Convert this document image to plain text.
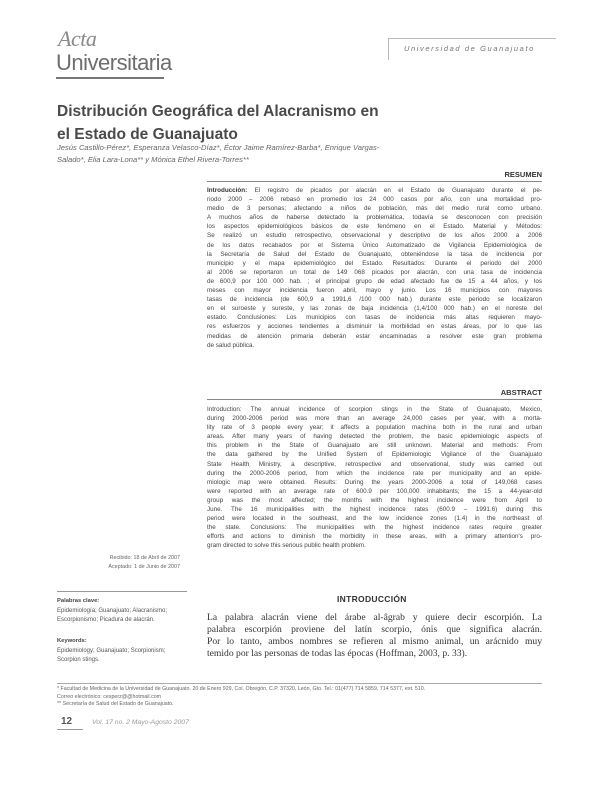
Acta
Universitaria
Universidad de Guanajuato
Distribución Geográfica del Alacranismo en
el Estado de Guanajuato
Jesús Castillo-Pérez*, Esperanza Velasco-Díaz*, Éctor Jaime Ramírez-Barba*, Enrique Vargas-
Salado*, Elia Lara-Lona** y Mónica Ethel Rivera-Torres**
RESUMEN
Introducción: El registro de picados por alacrán en el Estado de Guanajuato durante el pe-
riodo 2000 – 2006 rebasó en promedio los 24 000 casos por año, con una mortalidad pro-
medio de 3 personas; afectando a niños de población, más del medio rural como urbano.
A muchos años de haberse detectado la problemática, todavía se desconocen con precisión
los aspectos epidemiológicos básicos de este fenómeno en el Estado. Material y Métodos:
Se realizó un estudio retrospectivo, observacional y descriptivo de los años 2000 a 2006
de los datos recabados por el Sistema Único Automatizado de Vigilancia Epidemiológica de
la Secretaría de Salud del Estado de Guanajuato, obteniéndose la tasa de incidencia por
municipio y el mapa epidemiológico del Estado. Resultados: Durante el periodo del 2000
al 2006 se reportaron un total de 149 068 picados por alacrán, con una tasa de incidencia
de 600,9 por 100 000 hab. ; el principal grupo de edad afectado fue de 15 a 44 años, y los
meses con mayor incidencia fueron abril, mayo y junio. Los 16 municipios con mayores
tasas de incidencia (de 600,9 a 1991,6 /100 000 hab.) durante este periodo se localizaron
en el suroeste y sureste, y las zonas de baja incidencia (1,4/100 000 hab.) en el noreste del
estado. Conclusiones: Los municipios con tasas de incidencia más altas requieren mayo-
res esfuerzos y acciones tendientes a disminuir la morbilidad en estas áreas, por lo que las
medidas de atención primaria deberán estar encaminadas a resolver este gran problema
de salud pública.
ABSTRACT
Introduction: The annual incidence of scorpion stings in the State of Guanajuato, Mexico,
during 2000-2006 period was more than an average 24,000 cases per year, with a morta-
lity rate of 3 people every year; it affects a population machina both in the rural and urban
areas. After many years of having detected the problem, the basic epidemiologic aspects of
this problem in the State of Guanajuato are still unknown. Material and methods: From
the data gathered by the Unified System of Epidemiologic Vigilance of the Guanajuato
State Health Ministry, a descriptive, retrospective and observational, study was carried out
during the 2000-2006 period, from which the incidence rate per municipality and an epide-
miologic map were obtained. Results: During the years 2000-2006 a total of 149,068 cases
were reported with an average rate of 600.9 per 100,000 inhabitants; the 15 a 44-year-old
group was the most affected; the months with the highest incidence were from April to
June. The 16 municipalities with the highest incidence rates (600.9 – 1991.6) during this
period were located in the southeast, and the low incidence zones (1.4) in the northeast of
the state. Conclusions: The municipalities with the highest incidence rates require greater
efforts and actions to diminish the morbidity in these areas, with a primary attention's pro-
gram directed to solve this serious public health problem.
Recibido: 18 de Abril de 2007
Aceptado: 1 de Junio de 2007
Palabras clave:
Epidemiología; Guanajuato; Alacranismo;
Escorpionismo; Picadura de alacrán.
Keywords:
Epidemiology; Guanajuato; Scorpionism;
Scorpion stings.
INTRODUCCIÓN
La palabra alacrán viene del árabe al-âgrab y quiere decir escorpión. La
palabra escorpión proviene del latín scorpio, ónis que significa alacrán.
Por lo tanto, ambos nombres se refieren al mismo animal, un arácnido muy
temido por las personas de todas las épocas (Hoffman, 2003, p. 33).
* Facultad de Medicina de la Universidad de Guanajuato. 20 de Enero 929, Col. Obregón, C.P. 37320, León, Gto. Tel.: 01(477) 714 5859, 714 5377, ext. 510.
Correo electrónico: cesperz@@hotmail.com
** Secretaría de Salud del Estado de Guanajuato.
12	Vol. 17 no. 2 Mayo-Agosto 2007
